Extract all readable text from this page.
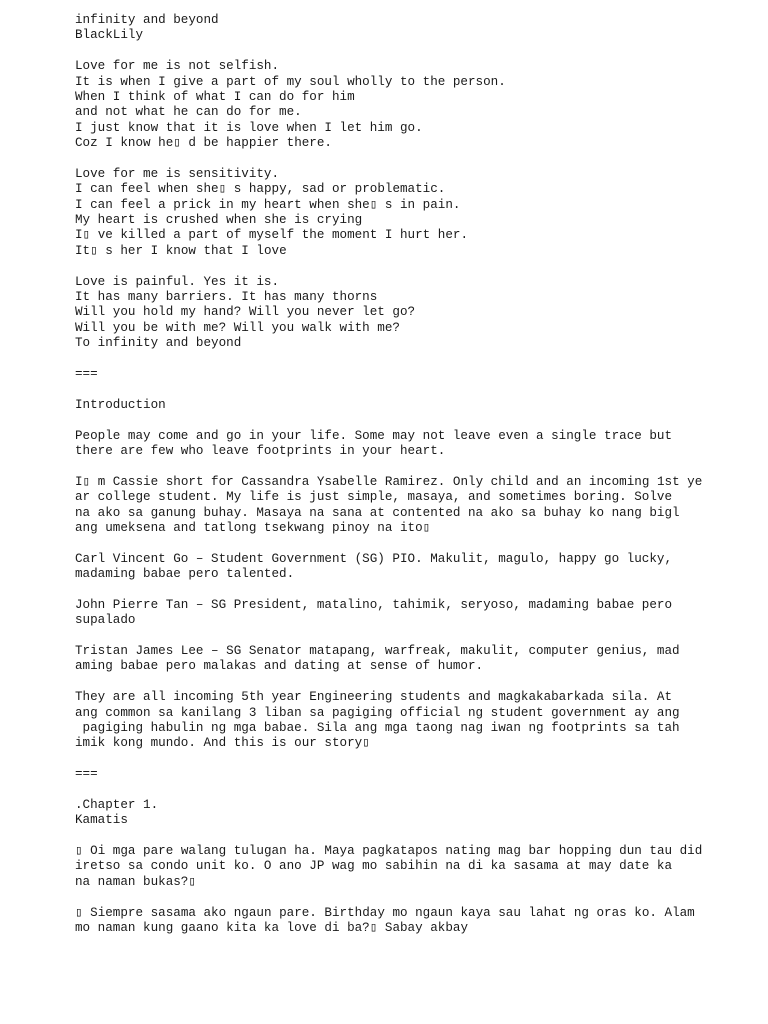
infinity and beyond
BlackLily
Love for me is not selfish.
It is when I give a part of my soul wholly to the person.
When I think of what I can do for him
and not what he can do for me.
I just know that it is love when I let him go.
Coz I know he▯ d be happier there.
Love for me is sensitivity.
I can feel when she▯ s happy, sad or problematic.
I can feel a prick in my heart when she▯ s in pain.
My heart is crushed when she is crying
I▯ ve killed a part of myself the moment I hurt her.
It▯ s her I know that I love
Love is painful. Yes it is.
It has many barriers. It has many thorns
Will you hold my hand? Will you never let go?
Will you be with me? Will you walk with me?
To infinity and beyond
===
Introduction
People may come and go in your life. Some may not leave even a single trace but
there are few who leave footprints in your heart.
I▯ m Cassie short for Cassandra Ysabelle Ramirez. Only child and an incoming 1st ye
ar college student. My life is just simple, masaya, and sometimes boring. Solve
na ako sa ganung buhay. Masaya na sana at contented na ako sa buhay ko nang bigl
ang umeksena and tatlong tsekwang pinoy na ito▯
Carl Vincent Go – Student Government (SG) PIO. Makulit, magulo, happy go lucky,
madaming babae pero talented.
John Pierre Tan – SG President, matalino, tahimik, seryoso, madaming babae pero
supalado
Tristan James Lee – SG Senator matapang, warfreak, makulit, computer genius, mad
aming babae pero malakas and dating at sense of humor.
They are all incoming 5th year Engineering students and magkakabarkada sila. At
ang common sa kanilang 3 liban sa pagiging official ng student government ay ang
pagiging habulin ng mga babae. Sila ang mga taong nag iwan ng footprints sa tah
imik kong mundo. And this is our story▯
===
.Chapter 1.
Kamatis
▯ Oi mga pare walang tulugan ha. Maya pagkatapos nating mag bar hopping dun tau did
iretso sa condo unit ko. O ano JP wag mo sabihin na di ka sasama at may date ka
na naman bukas?▯
▯ Siempre sasama ako ngaun pare. Birthday mo ngaun kaya sau lahat ng oras ko. Alam
mo naman kung gaano kita ka love di ba?▯ Sabay akbay
